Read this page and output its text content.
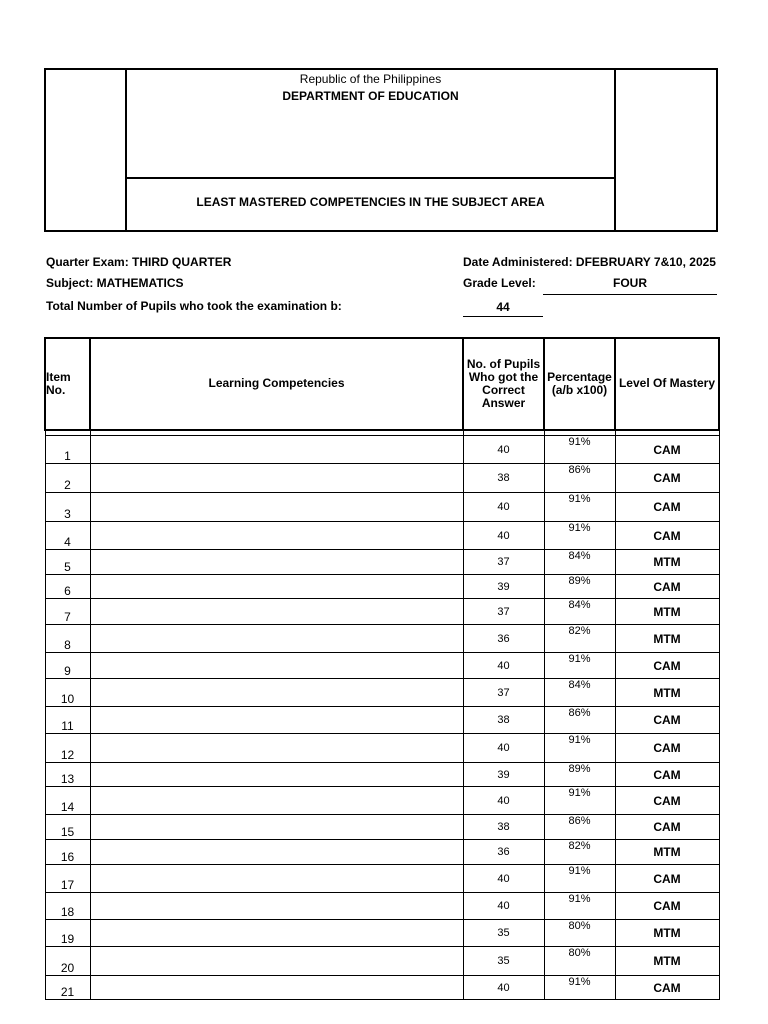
Republic of the Philippines
DEPARTMENT OF EDUCATION
LEAST MASTERED COMPETENCIES IN THE SUBJECT AREA
Quarter Exam: THIRD QUARTER
Subject: MATHEMATICS
Total Number of Pupils who took the examination b:	44
Date Administered: DFEBRUARY 7&10, 2025
Grade Level:	FOUR
Item No.	Learning Competencies	No. of Pupils Who got the Correct Answer	Percentage (a/b x100)	Level Of Mastery

1		40	91%	CAM
2		38	86%	CAM
3		40	91%	CAM
4		40	91%	CAM
5		37	84%	MTM
6		39	89%	CAM
7		37	84%	MTM
8		36	82%	MTM
9		40	91%	CAM
10		37	84%	MTM
11		38	86%	CAM
12		40	91%	CAM
13		39	89%	CAM
14		40	91%	CAM
15		38	86%	CAM
16		36	82%	MTM
17		40	91%	CAM
18		40	91%	CAM
19		35	80%	MTM
20		35	80%	MTM
21		40	91%	CAM
